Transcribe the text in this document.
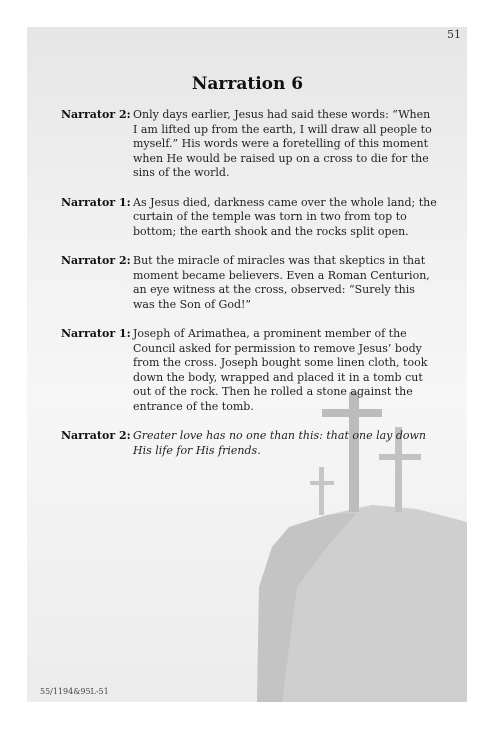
51
Narration 6
Narrator 2: Only days earlier, Jesus had said these words: “When I am lifted up from the earth, I will draw all people to myself.” His words were a foretelling of this moment when He would be raised up on a cross to die for the sins of the world.
Narrator 1: As Jesus died, darkness came over the whole land; the curtain of the temple was torn in two from top to bottom; the earth shook and the rocks split open.
Narrator 2: But the miracle of miracles was that skeptics in that moment became believers. Even a Roman Centurion, an eye witness at the cross, observed: “Surely this was the Son of God!”
Narrator 1: Joseph of Arimathea, a prominent member of the Council asked for permission to remove Jesus’ body from the cross. Joseph bought some linen cloth, took down the body, wrapped and placed it in a tomb cut out of the rock. Then he rolled a stone against the entrance of the tomb.
Narrator 2: Greater love has no one than this: that one lay down His life for His friends.
55/1194&95L-51
